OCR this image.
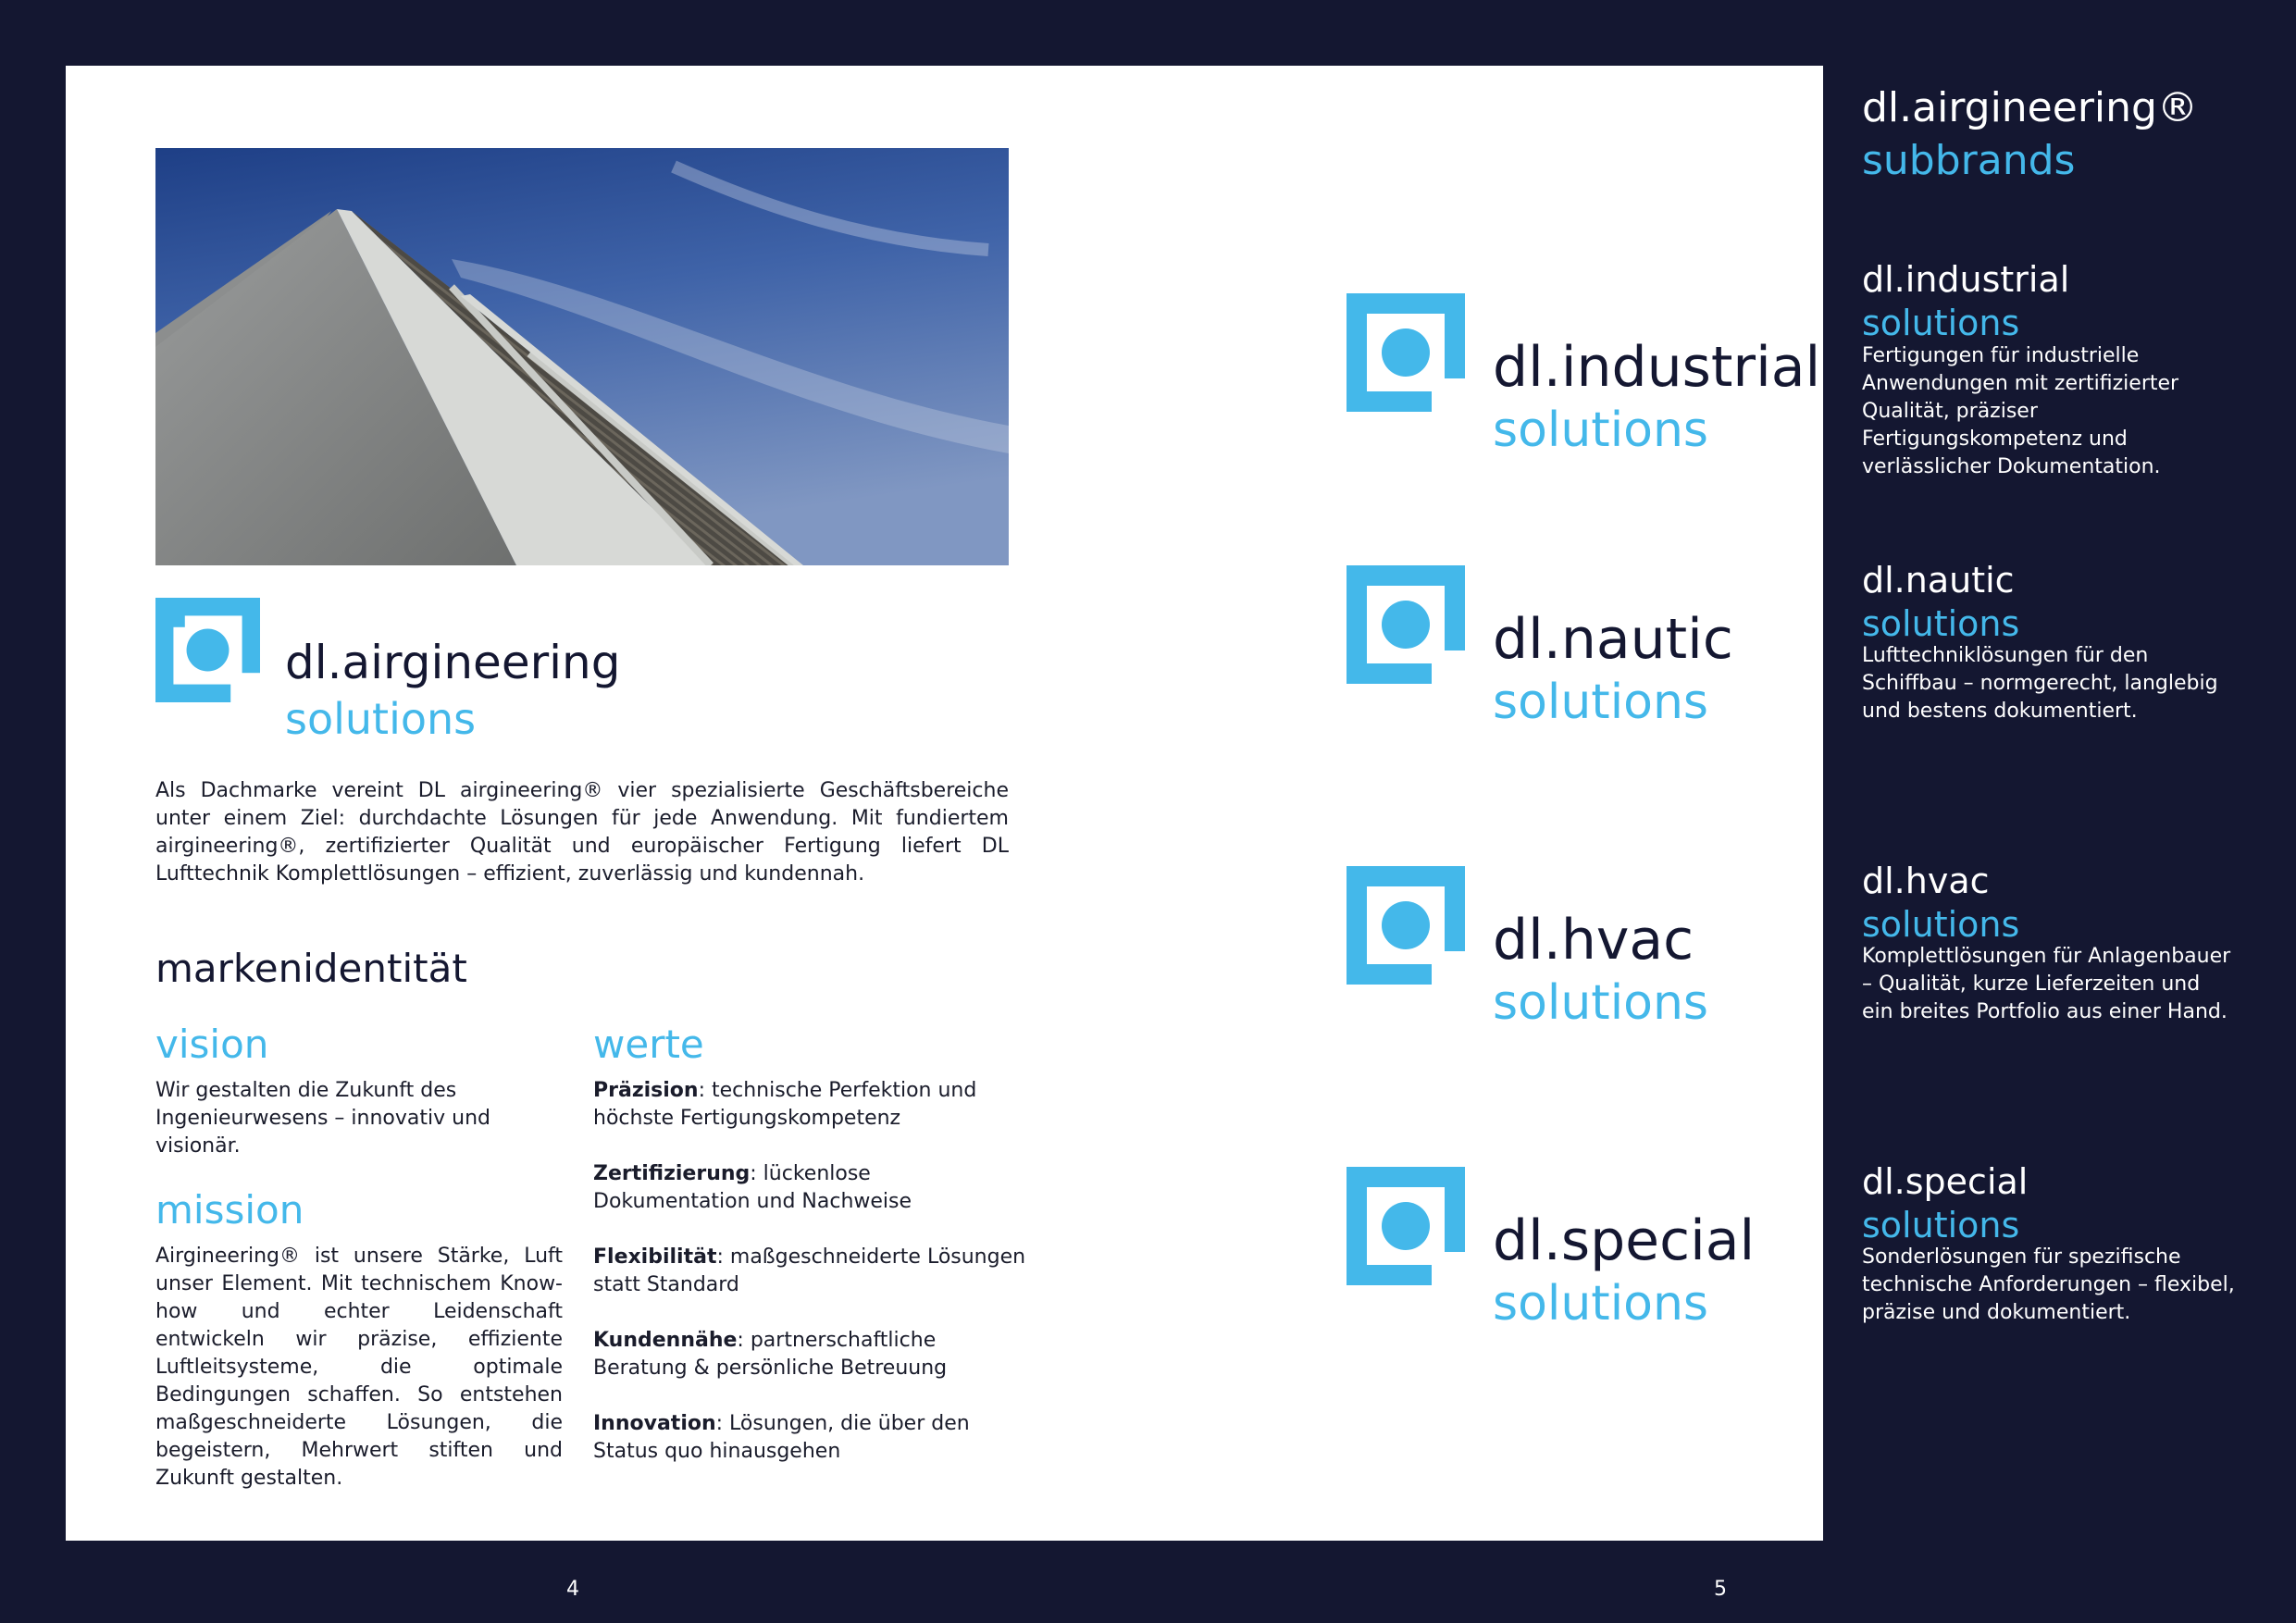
dl.airgineering
solutions
Als Dachmarke vereint DL airgineering® vier spezialisierte Geschäftsbereiche unter einem Ziel: durchdachte Lösungen für jede Anwendung. Mit fundiertem airgineering®, zertifizierter Qualität und europäischer Fertigung liefert DL Lufttechnik Komplettlösungen – effizient, zuverlässig und kundennah.
markenidentität
vision
Wir gestalten die Zukunft des Ingenieurwesens – innovativ und visionär.
mission
Airgineering® ist unsere Stärke, Luft unser Element. Mit technischem Know-how und echter Leidenschaft entwickeln wir präzise, effiziente Luftleitsysteme, die optimale Bedingungen schaffen. So entstehen maßgeschneiderte Lösungen, die begeistern, Mehrwert stiften und Zukunft gestalten.
werte
Präzision: technische Perfektion und höchste Fertigungskompetenz
Zertifizierung: lückenlose Dokumentation und Nachweise
Flexibilität: maßgeschneiderte Lösungen statt Standard
Kundennähe: partnerschaftliche Beratung & persönliche Betreuung
Innovation: Lösungen, die über den Status quo hinausgehen
dl.industrial
solutions
dl.nautic
solutions
dl.hvac
solutions
dl.special
solutions
4	5
dl.airgineering®
subbrands
dl.industrial
solutions
Fertigungen für industrielle Anwendungen mit zertifizierter Qualität, präziser Fertigungskompetenz und verlässlicher Dokumentation.
dl.nautic
solutions
Lufttechniklösungen für den Schiffbau – normgerecht, langlebig und bestens dokumentiert.
dl.hvac
solutions
Komplettlösungen für Anlagenbauer – Qualität, kurze Lieferzeiten und ein breites Portfolio aus einer Hand.
dl.special
solutions
Sonderlösungen für spezifische technische Anforderungen – flexibel, präzise und dokumentiert.
